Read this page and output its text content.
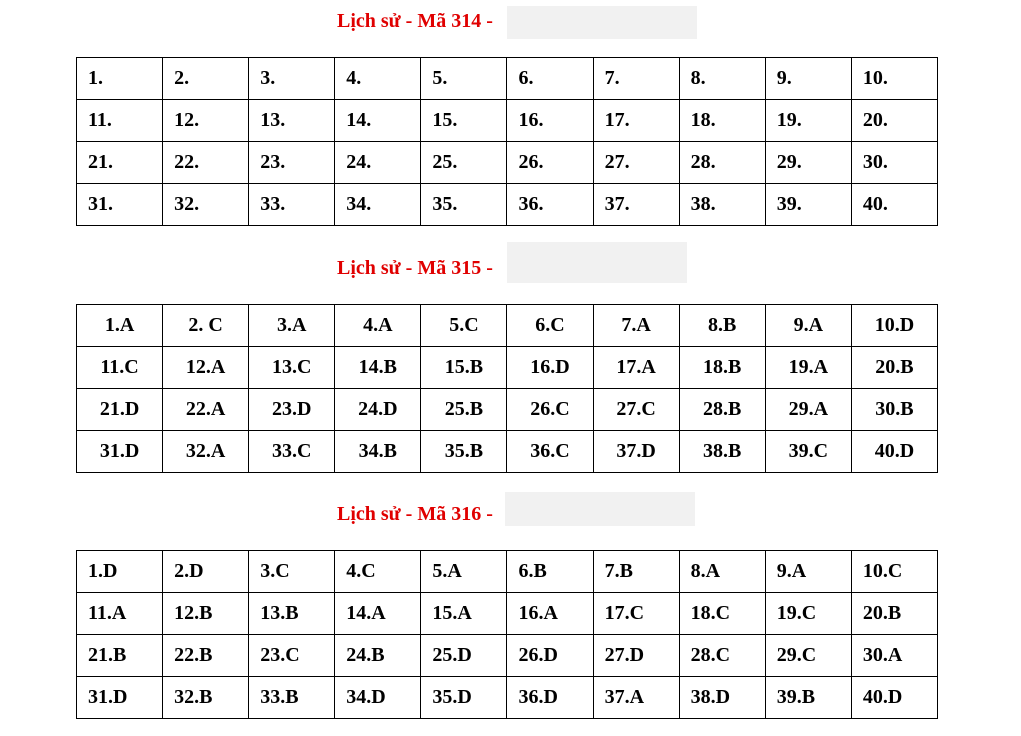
Lịch sử - Mã 314 -
1.	2.	3.	4.	5.	6.	7.	8.	9.	10.
11.	12.	13.	14.	15.	16.	17.	18.	19.	20.
21.	22.	23.	24.	25.	26.	27.	28.	29.	30.
31.	32.	33.	34.	35.	36.	37.	38.	39.	40.
Lịch sử - Mã 315 -
1.A	2. C	3.A	4.A	5.C	6.C	7.A	8.B	9.A	10.D
11.C	12.A	13.C	14.B	15.B	16.D	17.A	18.B	19.A	20.B
21.D	22.A	23.D	24.D	25.B	26.C	27.C	28.B	29.A	30.B
31.D	32.A	33.C	34.B	35.B	36.C	37.D	38.B	39.C	40.D
Lịch sử - Mã 316 -
1.D	2.D	3.C	4.C	5.A	6.B	7.B	8.A	9.A	10.C
11.A	12.B	13.B	14.A	15.A	16.A	17.C	18.C	19.C	20.B
21.B	22.B	23.C	24.B	25.D	26.D	27.D	28.C	29.C	30.A
31.D	32.B	33.B	34.D	35.D	36.D	37.A	38.D	39.B	40.D
